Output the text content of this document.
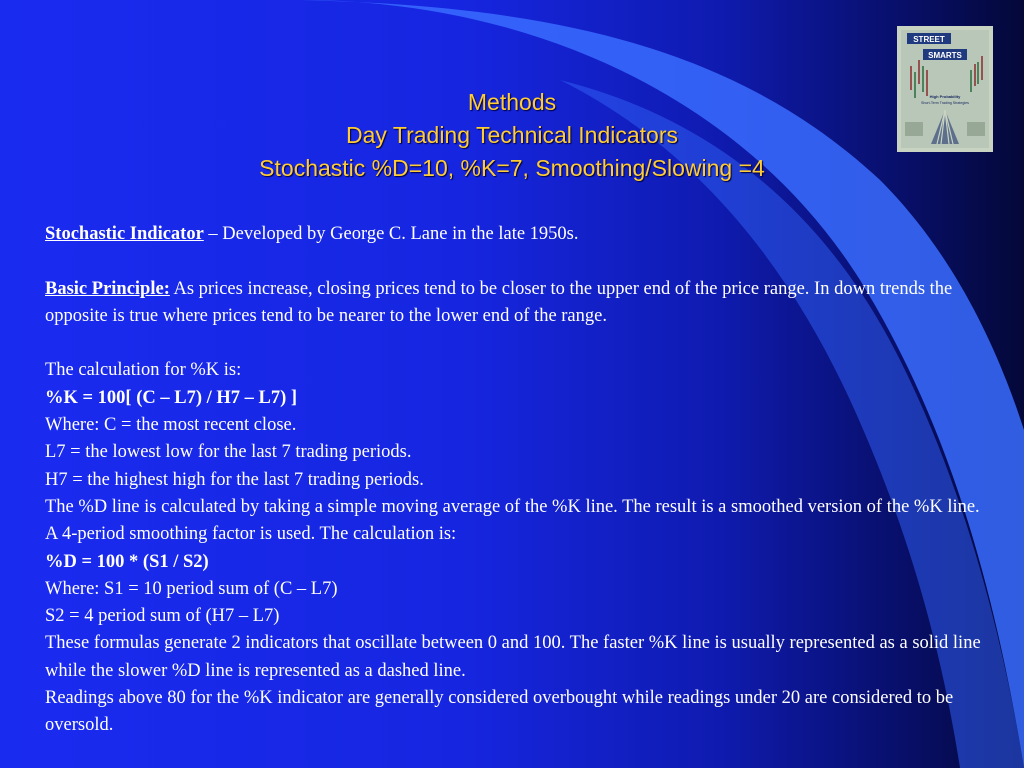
STREET
SMARTS
High Probability
Short-Term Trading Strategies
Methods
Day Trading Technical Indicators
Stochastic %D=10, %K=7, Smoothing/Slowing =4

Stochastic Indicator – Developed by George C. Lane in the late 1950s.

Basic Principle: As prices increase, closing prices tend to be closer to the upper end of the price range. In down trends the opposite is true where prices tend to be nearer to the lower end of the range.

The calculation for %K is:

%K = 100[ (C – L7) / H7 – L7) ]

Where: C = the most recent close.

L7 = the lowest low for the last 7 trading periods.

H7 = the highest high for the last 7 trading periods.

The %D line is calculated by taking a simple moving average of the %K line. The result is a smoothed version of the %K line. A 4-period smoothing factor is used. The calculation is:

%D = 100 * (S1 / S2)

Where: S1 = 10 period sum of (C – L7)

S2 = 4 period sum of (H7 – L7)

These formulas generate 2 indicators that oscillate between 0 and 100. The faster %K line is usually represented as a solid line while the slower %D line is represented as a dashed line.

Readings above 80 for the %K indicator are generally considered overbought while readings under 20 are considered to be oversold.
